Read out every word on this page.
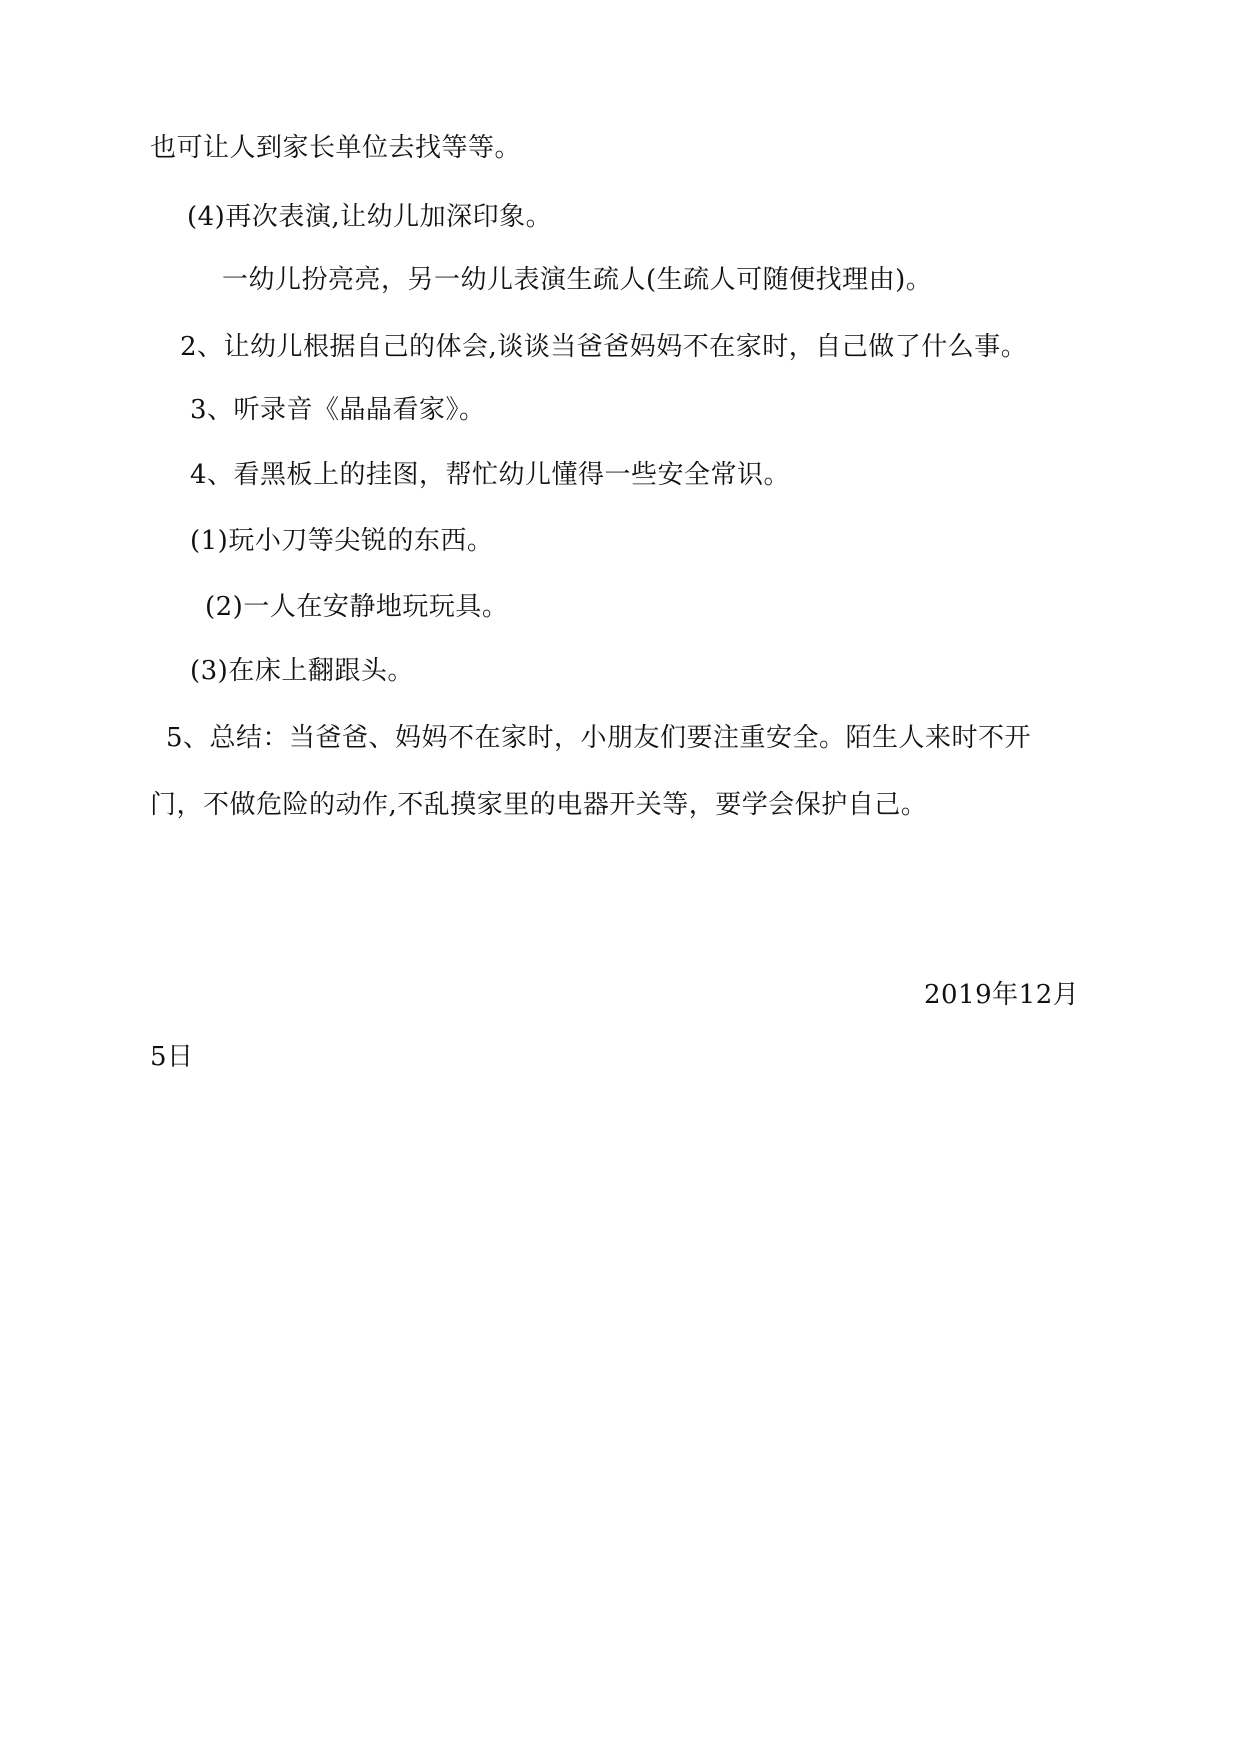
也可让人到家长单位去找等等。
(4)再次表演,让幼儿加深印象。
一幼儿扮亮亮，另一幼儿表演生疏人(生疏人可随便找理由)。
2、让幼儿根据自己的体会,谈谈当爸爸妈妈不在家时，自己做了什么事。
3、听录音《晶晶看家》。
4、看黑板上的挂图，帮忙幼儿懂得一些安全常识。
(1)玩小刀等尖锐的东西。
(2)一人在安静地玩玩具。
(3)在床上翻跟头。
5、总结：当爸爸、妈妈不在家时，小朋友们要注重安全。陌生人来时不开
门，不做危险的动作,不乱摸家里的电器开关等，要学会保护自己。
2019年12月
5日
